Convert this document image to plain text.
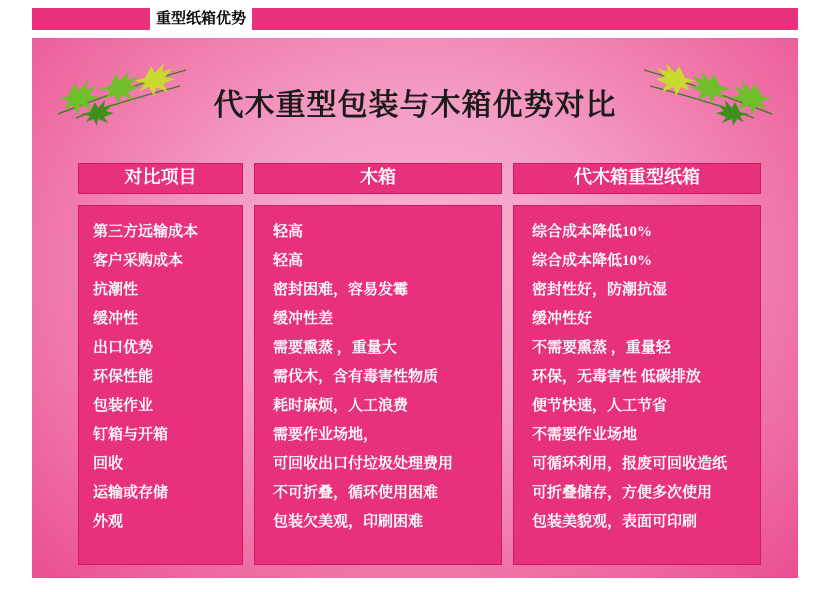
重型纸箱优势
代木重型包装与木箱优势对比
对比项目
第三方远输成本
客户采购成本
抗潮性
缓冲性
出口优势
环保性能
包装作业
钉箱与开箱
回收
运输或存储
外观
木箱
轻高
轻高
密封困难，容易发霉
缓冲性差
需要熏蒸 ，重量大
需伐木，含有毒害性物质
耗时麻烦，人工浪费
需要作业场地，
可回收出口付垃圾处理费用
不可折叠，循环使用困难
包装欠美观，印刷困难
代木箱重型纸箱
综合成本降低10%
综合成本降低10%
密封性好，防潮抗湿
缓冲性好
不需要熏蒸 ，重量轻
环保，无毒害性 低碳排放
便节快速，人工节省
不需要作业场地
可循环利用，报废可回收造纸
可折叠储存，方便多次使用
包装美貌观，表面可印刷
